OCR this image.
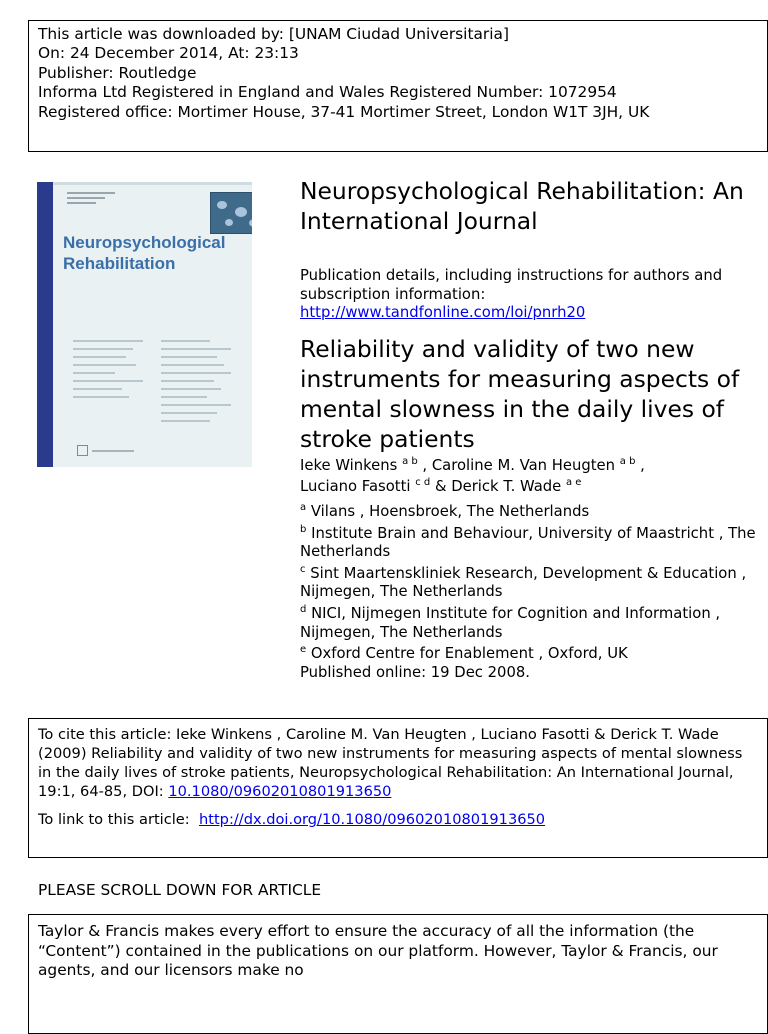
This article was downloaded by: [UNAM Ciudad Universitaria]
On: 24 December 2014, At: 23:13
Publisher: Routledge
Informa Ltd Registered in England and Wales Registered Number: 1072954
Registered office: Mortimer House, 37-41 Mortimer Street, London W1T 3JH, UK
Neuropsychological
Rehabilitation
Neuropsychological Rehabilitation: An International Journal
Publication details, including instructions for authors and subscription information:
http://www.tandfonline.com/loi/pnrh20
Reliability and validity of two new instruments for measuring aspects of mental slowness in the daily lives of stroke patients
Ieke Winkens $^{a b}$ , Caroline M. Van Heugten $^{a b}$ ,
Luciano Fasotti $^{c d}$ & Derick T. Wade $^{a e}$
$^a$ Vilans , Hoensbroek, The Netherlands
$^b$ Institute Brain and Behaviour, University of Maastricht , The Netherlands
$^c$ Sint Maartenskliniek Research, Development & Education , Nijmegen, The Netherlands
$^d$ NICI, Nijmegen Institute for Cognition and Information , Nijmegen, The Netherlands
$^e$ Oxford Centre for Enablement , Oxford, UK
Published online: 19 Dec 2008.
To cite this article: Ieke Winkens , Caroline M. Van Heugten , Luciano Fasotti & Derick T. Wade (2009) Reliability and validity of two new instruments for measuring aspects of mental slowness in the daily lives of stroke patients, Neuropsychological Rehabilitation: An International Journal, 19:1, 64-85, DOI: 10.1080/09602010801913650
To link to this article: http://dx.doi.org/10.1080/09602010801913650
PLEASE SCROLL DOWN FOR ARTICLE
Taylor & Francis makes every effort to ensure the accuracy of all the information (the “Content”) contained in the publications on our platform. However, Taylor & Francis, our agents, and our licensors make no
